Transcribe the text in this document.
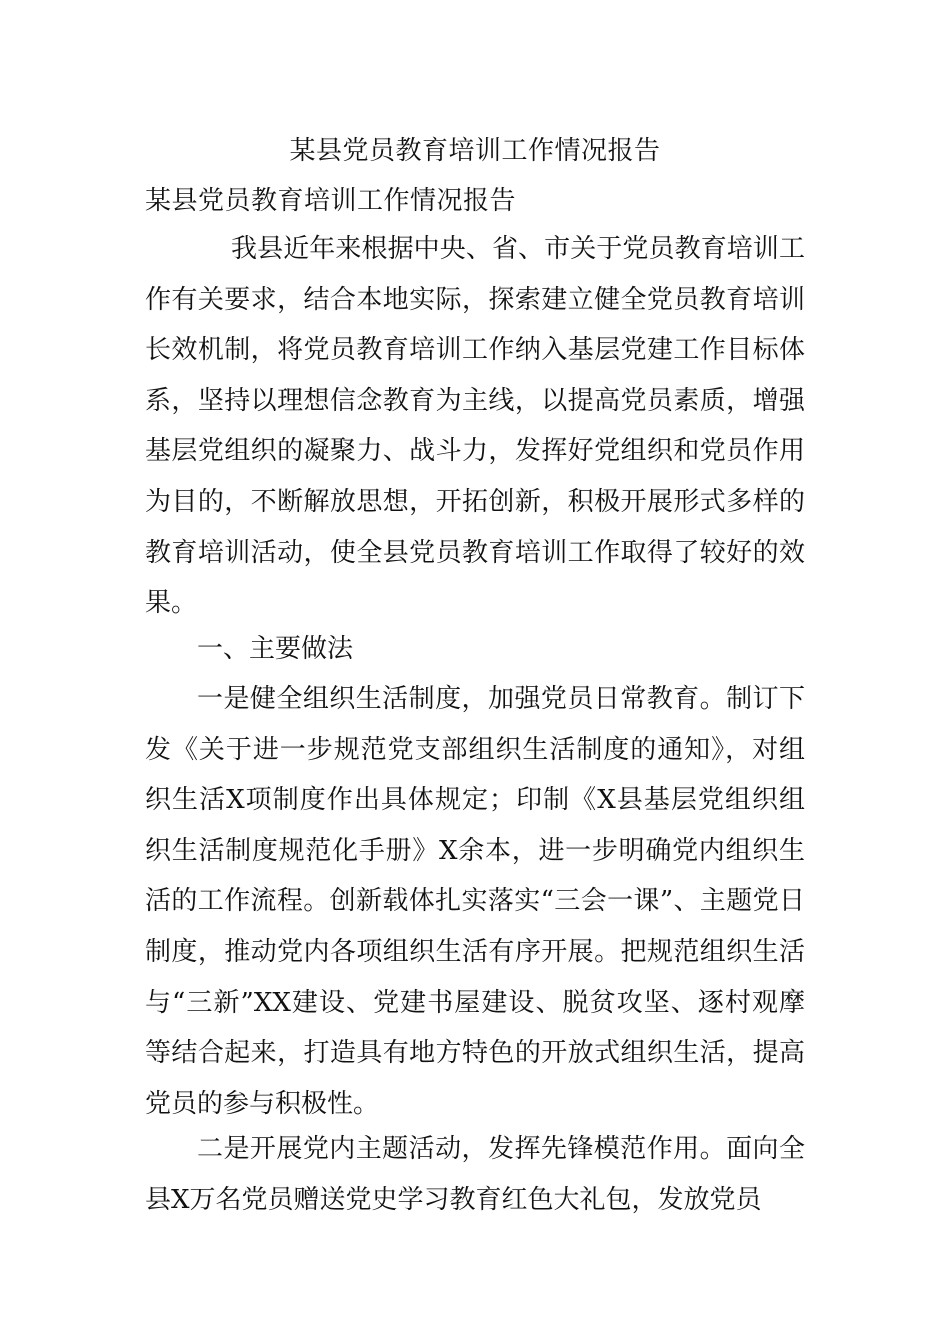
某县党员教育培训工作情况报告
某县党员教育培训工作情况报告

我县近年来根据中央、省、市关于党员教育培训工作有关要求，结合本地实际，探索建立健全党员教育培训长效机制，将党员教育培训工作纳入基层党建工作目标体系，坚持以理想信念教育为主线，以提高党员素质，增强基层党组织的凝聚力、战斗力，发挥好党组织和党员作用为目的，不断解放思想，开拓创新，积极开展形式多样的教育培训活动，使全县党员教育培训工作取得了较好的效果。

一、主要做法

一是健全组织生活制度，加强党员日常教育。制订下发《关于进一步规范党支部组织生活制度的通知》，对组织生活X项制度作出具体规定；印制《X县基层党组织组织生活制度规范化手册》X余本，进一步明确党内组织生活的工作流程。创新载体扎实落实“三会一课”、主题党日制度，推动党内各项组织生活有序开展。把规范组织生活与“三新”XX建设、党建书屋建设、脱贫攻坚、逐村观摩等结合起来，打造具有地方特色的开放式组织生活，提高党员的参与积极性。

二是开展党内主题活动，发挥先锋模范作用。面向全县X万名党员赠送党史学习教育红色大礼包，发放党员
